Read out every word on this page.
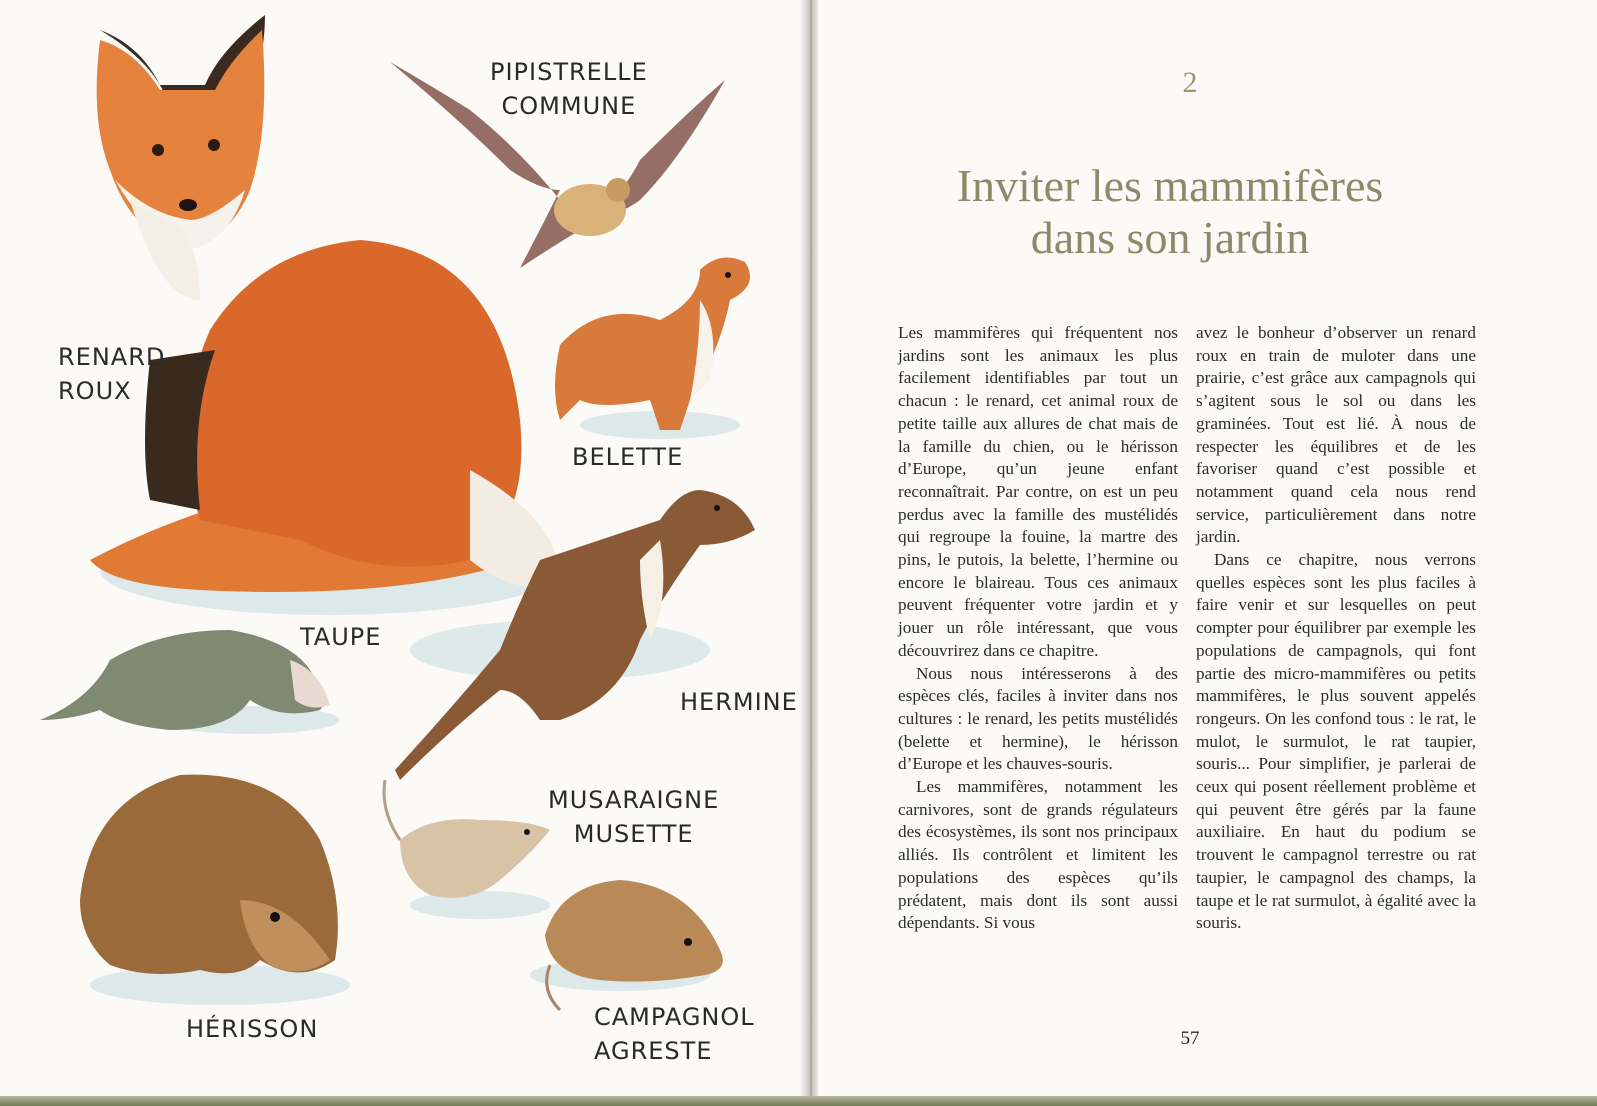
PIPISTRELLE
COMMUNE
RENARD
ROUX
BELETTE
TAUPE
HERMINE
MUSARAIGNE
MUSETTE
HÉRISSON	CAMPAGNOL
AGRESTE
2
Inviter les mammifères
dans son jardin

Les mammifères qui fréquentent nos jardins sont les animaux les plus facilement identifiables par tout un chacun : le renard, cet animal roux de petite taille aux allures de chat mais de la famille du chien, ou le hérisson d’Europe, qu’un jeune enfant reconnaîtrait. Par contre, on est un peu perdus avec la famille des mustélidés qui regroupe la fouine, la martre des pins, le putois, la belette, l’hermine ou encore le blaireau. Tous ces animaux peuvent fréquenter votre jardin et y jouer un rôle intéressant, que vous découvrirez dans ce chapitre.

Nous nous intéresserons à des espèces clés, faciles à inviter dans nos cultures : le renard, les petits mustélidés (belette et hermine), le hérisson d’Europe et les chauves-souris.

Les mammifères, notamment les carnivores, sont de grands régulateurs des écosystèmes, ils sont nos principaux alliés. Ils contrôlent et limitent les populations des espèces qu’ils prédatent, mais dont ils sont aussi dépendants. Si vous

avez le bonheur d’observer un renard roux en train de muloter dans une prairie, c’est grâce aux campagnols qui s’agitent sous le sol ou dans les graminées. Tout est lié. À nous de respecter les équilibres et de les favoriser quand c’est possible et notamment quand cela nous rend service, particulièrement dans notre jardin.

Dans ce chapitre, nous verrons quelles espèces sont les plus faciles à faire venir et sur lesquelles on peut compter pour équilibrer par exemple les populations de campagnols, qui font partie des micro-mammifères ou petits mammifères, le plus souvent appelés rongeurs. On les confond tous : le rat, le mulot, le surmulot, le rat taupier, souris... Pour simplifier, je parlerai de ceux qui posent réellement problème et qui peuvent être gérés par la faune auxiliaire. En haut du podium se trouvent le campagnol terrestre ou rat taupier, le campagnol des champs, la taupe et le rat surmulot, à égalité avec la souris.

57
